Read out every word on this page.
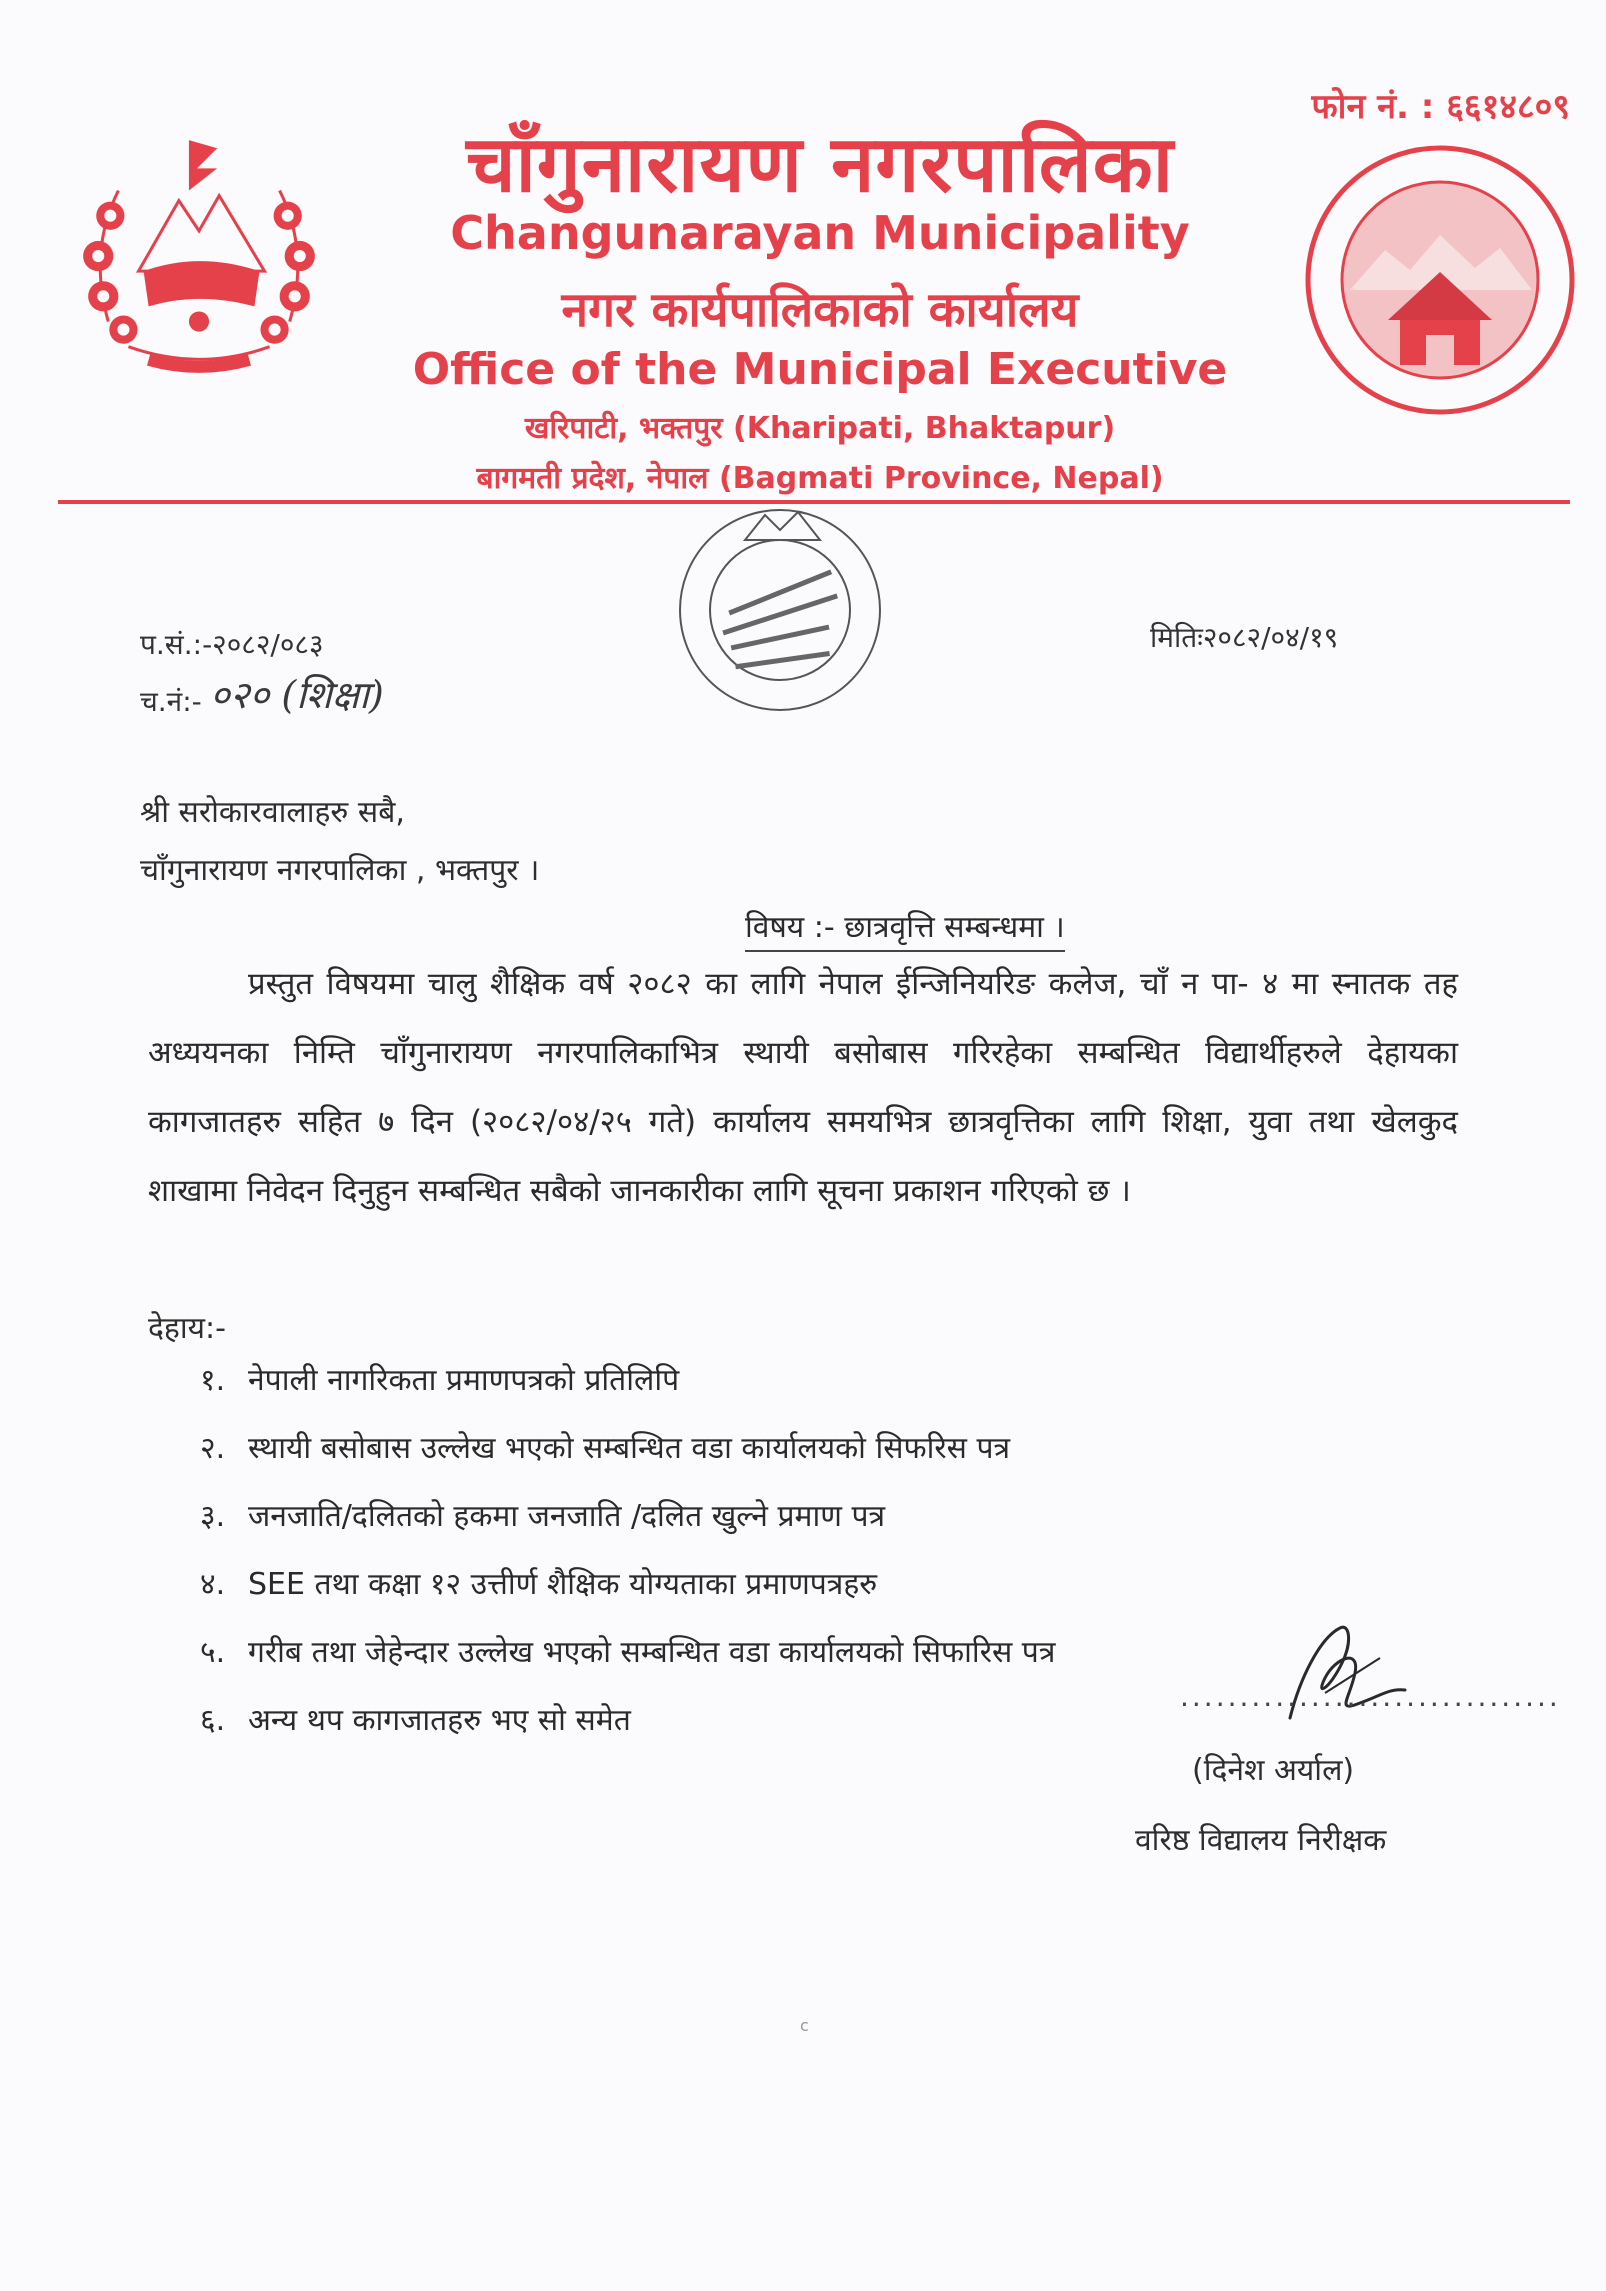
फोन नं. : ६६१४८०९
चाँगुनारायण नगरपालिका
Changunarayan Municipality
नगर कार्यपालिकाको कार्यालय
Office of the Municipal Executive
खरिपाटी, भक्तपुर (Kharipati, Bhaktapur)
बागमती प्रदेश, नेपाल (Bagmati Province, Nepal)
प.सं.:-२०८२/०८३
च.नं:- ०२० (शिक्षा)
मितिः२०८२/०४/१९
श्री सरोकारवालाहरु सबै,
चाँगुनारायण नगरपालिका , भक्तपुर ।
विषय :- छात्रवृत्ति सम्बन्धमा ।
प्रस्तुत विषयमा चालु शैक्षिक वर्ष २०८२ का लागि नेपाल ईन्जिनियरिङ कलेज, चाँ न पा- ४ मा स्नातक तह अध्ययनका निम्ति चाँगुनारायण नगरपालिकाभित्र स्थायी बसोबास गरिरहेका सम्बन्धित विद्यार्थीहरुले देहायका कागजातहरु सहित ७ दिन (२०८२/०४/२५ गते) कार्यालय समयभित्र छात्रवृत्तिका लागि शिक्षा, युवा तथा खेलकुद शाखामा निवेदन दिनुहुन सम्बन्धित सबैको जानकारीका लागि सूचना प्रकाशन गरिएको छ ।
देहाय:-
१. नेपाली नागरिकता प्रमाणपत्रको प्रतिलिपि
२. स्थायी बसोबास उल्लेख भएको सम्बन्धित वडा कार्यालयको सिफरिस पत्र
३. जनजाति/दलितको हकमा जनजाति /दलित खुल्ने प्रमाण पत्र
४. SEE तथा कक्षा १२ उत्तीर्ण शैक्षिक योग्यताका प्रमाणपत्रहरु
५. गरीब तथा जेहेन्दार उल्लेख भएको सम्बन्धित वडा कार्यालयको सिफारिस पत्र
६. अन्य थप कागजातहरु भए सो समेत
................................
(दिनेश अर्याल)
वरिष्ठ विद्यालय निरीक्षक
c
